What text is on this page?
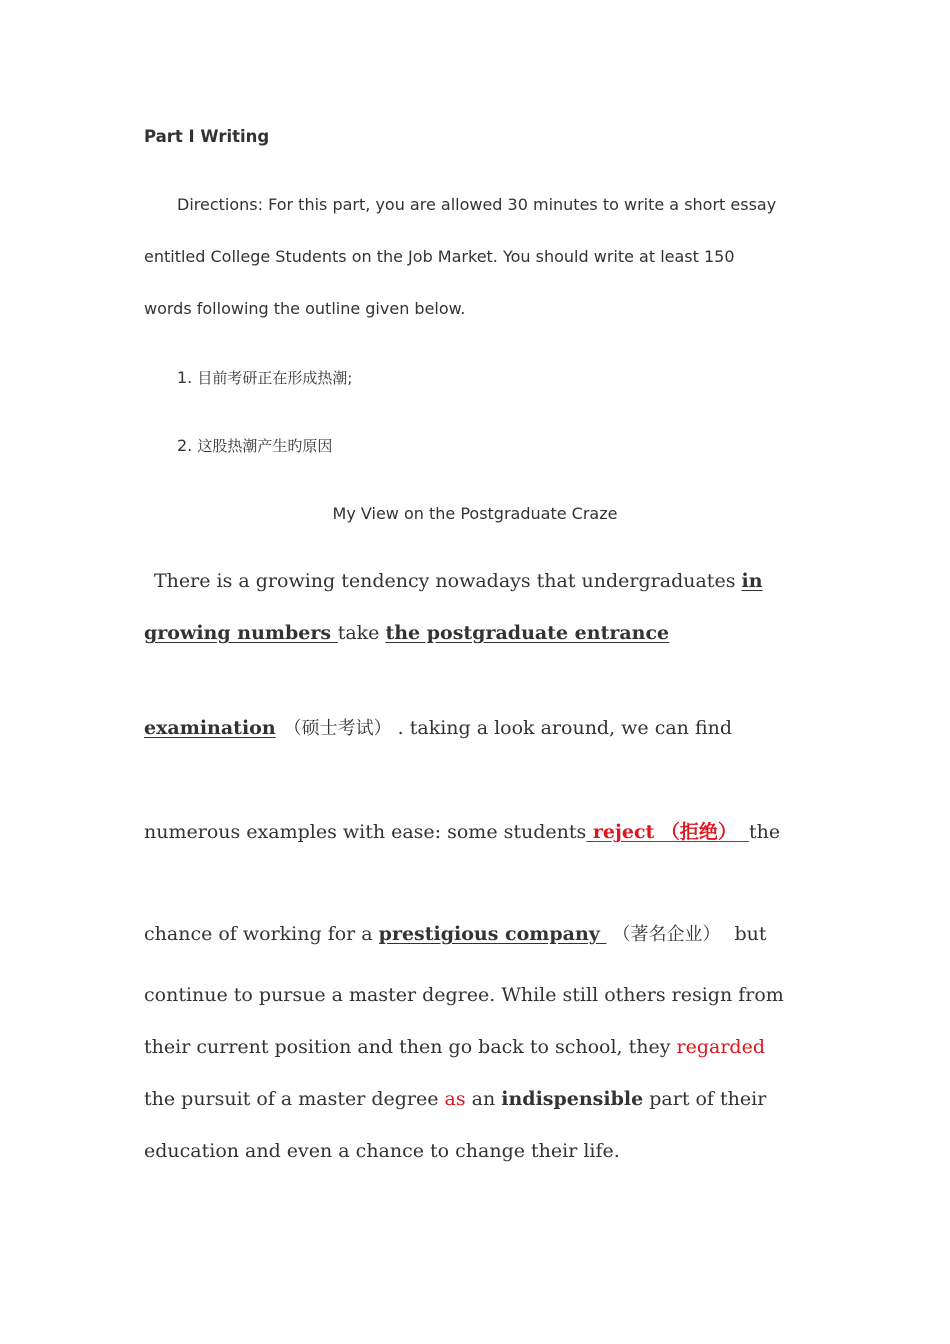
Part I Writing
Directions: For this part, you are allowed 30 minutes to write a short essay
entitled College Students on the Job Market. You should write at least 150
words following the outline given below.
1. 目前考研正在形成热潮;
2. 这股热潮产生旳原因
My View on the Postgraduate Craze
There is a growing tendency nowadays that undergraduates in
growing numbers take the postgraduate entrance
examination （硕士考试） . taking a look around, we can find
numerous examples with ease: some students reject （拒绝） the
chance of working for a prestigious company （著名企业） but
continue to pursue a master degree. While still others resign from
their current position and then go back to school, they regarded
the pursuit of a master degree as an indispensible part of their
education and even a chance to change their life.
